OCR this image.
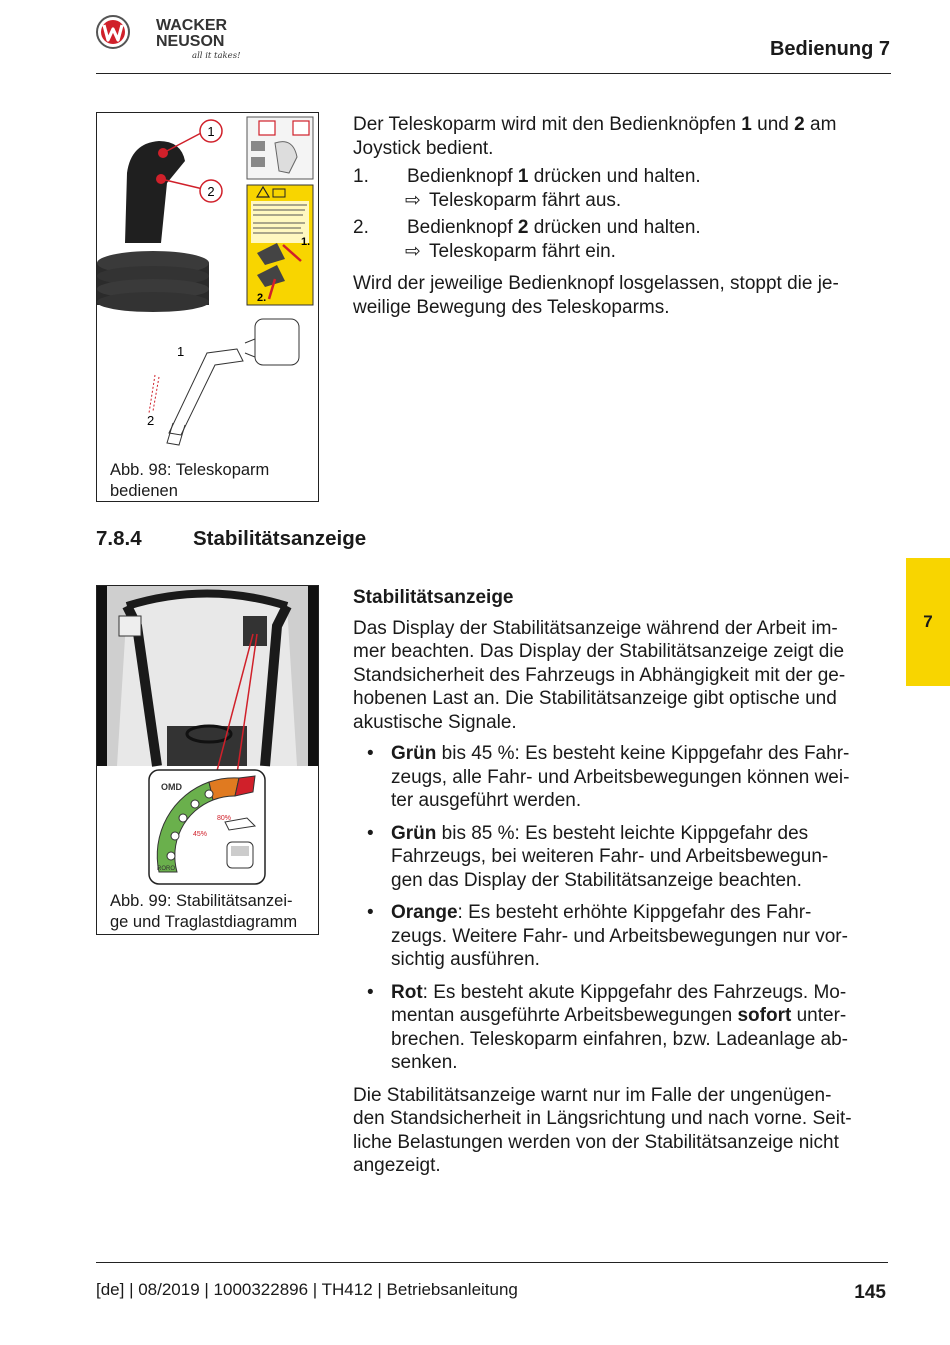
WACKER
NEUSON
all it takes!	Bedienung 7
7
1
2
1.
2.
1
2
Abb. 98: Teleskoparm
bedienen

Der Teleskoparm wird mit den Bedienknöpfen 1 und 2 am Joystick bedient.

1.	Bedienknopf 1 drücken und halten.
⇨ Teleskoparm fährt aus.
2.	Bedienknopf 2 drücken und halten.
⇨ Teleskoparm fährt ein.

Wird der jeweilige Bedienknopf losgelassen, stoppt die je-
weilige Bewegung des Teleskoparms.

7.8.4	Stabilitätsanzeige
OMD
80%
45%
RORO
Abb. 99: Stabilitätsanzei-
ge und Traglastdiagramm

Stabilitätsanzeige

Das Display der Stabilitätsanzeige während der Arbeit im-
mer beachten. Das Display der Stabilitätsanzeige zeigt die
Standsicherheit des Fahrzeugs in Abhängigkeit mit der ge-
hobenen Last an. Die Stabilitätsanzeige gibt optische und
akustische Signale.

• Grün bis 45 %: Es besteht keine Kippgefahr des Fahr-
zeugs, alle Fahr- und Arbeitsbewegungen können wei-
ter ausgeführt werden.
• Grün bis 85 %: Es besteht leichte Kippgefahr des
Fahrzeugs, bei weiteren Fahr- und Arbeitsbewegun-
gen das Display der Stabilitätsanzeige beachten.
• Orange: Es besteht erhöhte Kippgefahr des Fahr-
zeugs. Weitere Fahr- und Arbeitsbewegungen nur vor-
sichtig ausführen.
• Rot: Es besteht akute Kippgefahr des Fahrzeugs. Mo-
mentan ausgeführte Arbeitsbewegungen sofort unter-
brechen. Teleskoparm einfahren, bzw. Ladeanlage ab-
senken.

Die Stabilitätsanzeige warnt nur im Falle der ungenügen-
den Standsicherheit in Längsrichtung und nach vorne. Seit-
liche Belastungen werden von der Stabilitätsanzeige nicht
angezeigt.

[de] | 08/2019 | 1000322896 | TH412 | Betriebsanleitung	145
